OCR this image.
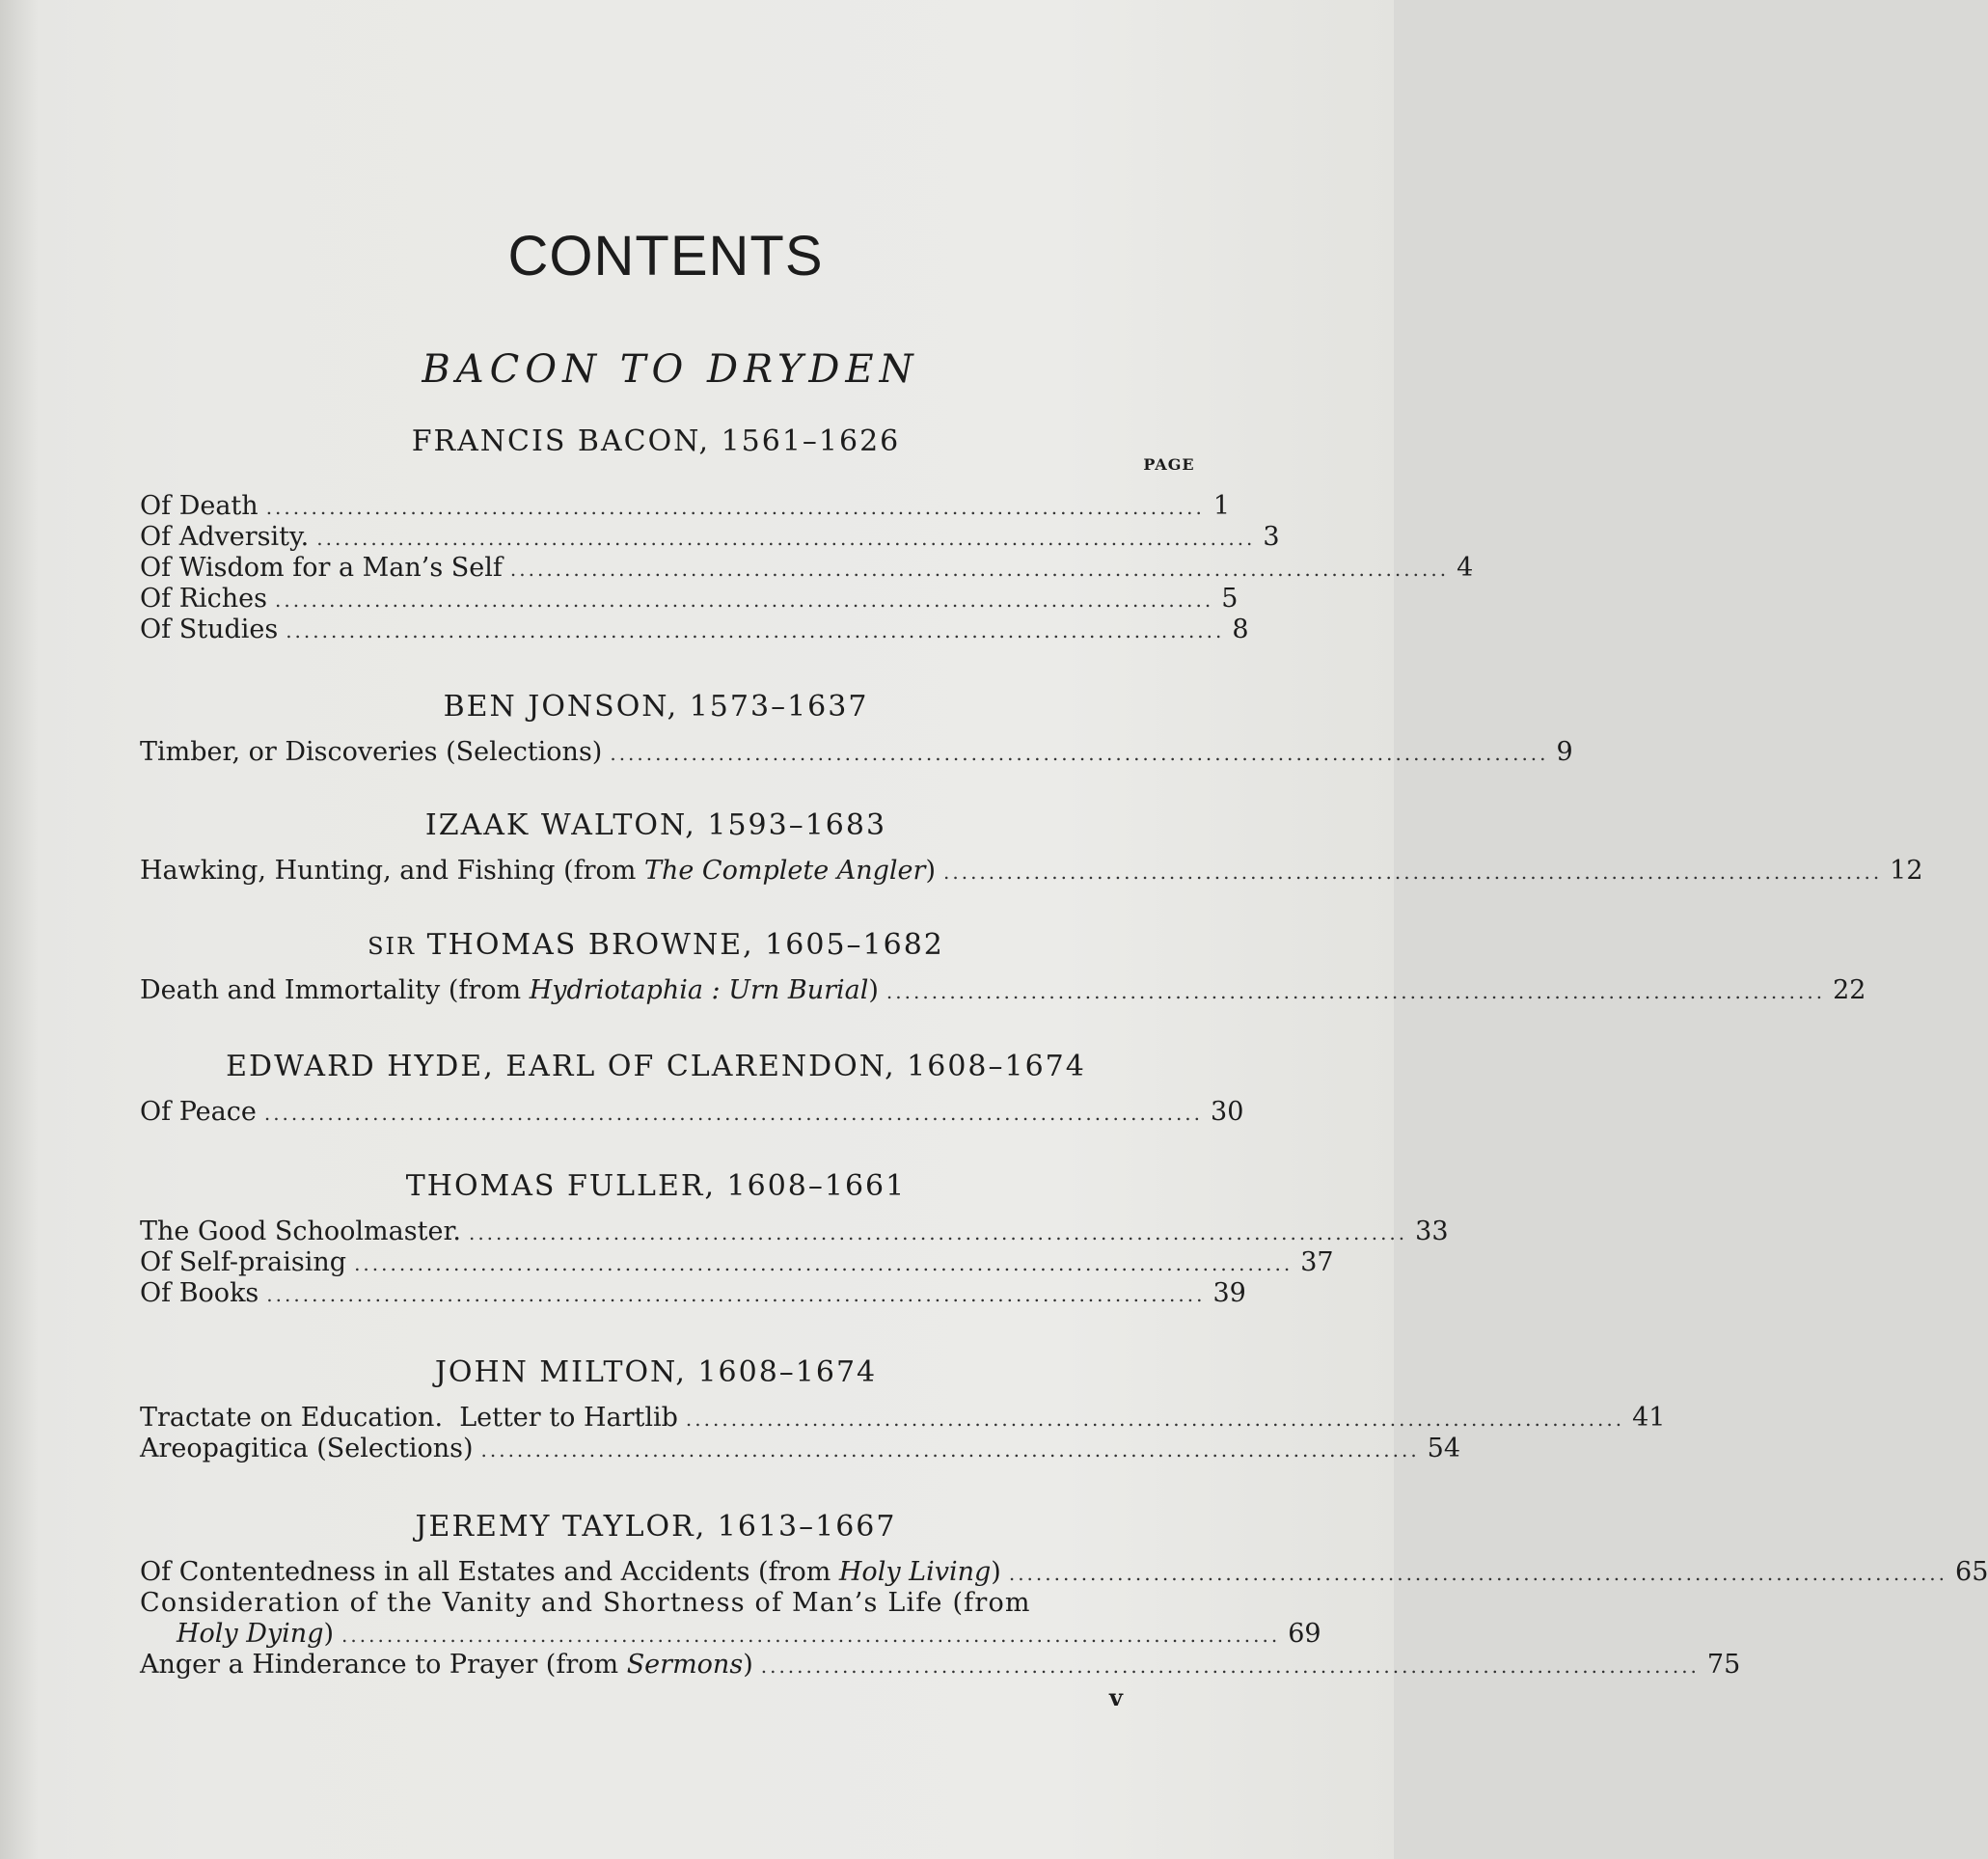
CONTENTS
BACON TO DRYDEN
PAGE
FRANCIS BACON, 1561–1626
Of Death ........................................................................................................ 1
Of Adversity. ........................................................................................................ 3
Of Wisdom for a Man’s Self ........................................................................................................ 4
Of Riches ........................................................................................................ 5
Of Studies ........................................................................................................ 8
BEN JONSON, 1573–1637
Timber, or Discoveries (Selections) ........................................................................................................ 9
IZAAK WALTON, 1593–1683
Hawking, Hunting, and Fishing (from The Complete Angler) ........................................................................................................ 12
SIR THOMAS BROWNE, 1605–1682
Death and Immortality (from Hydriotaphia : Urn Burial) ........................................................................................................ 22
EDWARD HYDE, EARL OF CLARENDON, 1608–1674
Of Peace ........................................................................................................ 30
THOMAS FULLER, 1608–1661
The Good Schoolmaster. ........................................................................................................ 33
Of Self-praising ........................................................................................................ 37
Of Books ........................................................................................................ 39
JOHN MILTON, 1608–1674
Tractate on Education.  Letter to Hartlib ........................................................................................................ 41
Areopagitica (Selections) ........................................................................................................ 54
JEREMY TAYLOR, 1613–1667
Of Contentedness in all Estates and Accidents (from Holy Living) ........................................................................................................ 65
Consideration of the Vanity and Shortness of Man’s Life (from
Holy Dying) ........................................................................................................ 69
Anger a Hinderance to Prayer (from Sermons) ........................................................................................................ 75
v
